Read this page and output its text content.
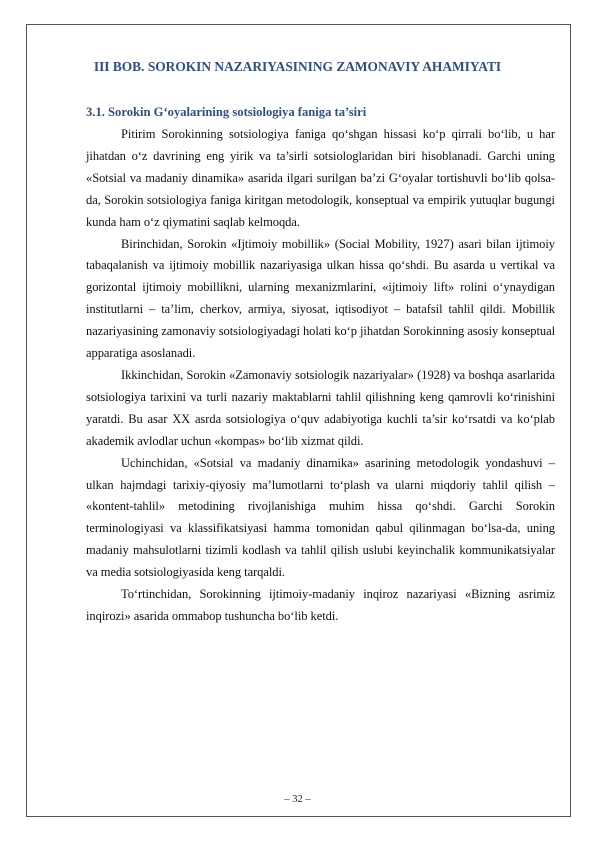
III BOB. SOROKIN NAZARIYASINING ZAMONAVIY AHAMIYATI
3.1. Sorokin G‘oyalarining sotsiologiya faniga ta’siri

Pitirim Sorokinning sotsiologiya faniga qo‘shgan hissasi ko‘p qirrali bo‘lib, u har jihatdan o‘z davrining eng yirik va ta’sirli sotsiologlaridan biri hisoblanadi. Garchi uning «Sotsial va madaniy dinamika» asarida ilgari surilgan ba’zi G‘oyalar tortishuvli bo‘lib qolsa-da, Sorokin sotsiologiya faniga kiritgan metodologik, konseptual va empirik yutuqlar bugungi kunda ham o‘z qiymatini saqlab kelmoqda.

Birinchidan, Sorokin «Ijtimoiy mobillik» (Social Mobility, 1927) asari bilan ijtimoiy tabaqalanish va ijtimoiy mobillik nazariyasiga ulkan hissa qo‘shdi. Bu asarda u vertikal va gorizontal ijtimoiy mobillikni, ularning mexanizmlarini, «ijtimoiy lift» rolini o‘ynaydigan institutlarni – ta’lim, cherkov, armiya, siyosat, iqtisodiyot – batafsil tahlil qildi. Mobillik nazariyasining zamonaviy sotsiologiyadagi holati ko‘p jihatdan Sorokinning asosiy konseptual apparatiga asoslanadi.

Ikkinchidan, Sorokin «Zamonaviy sotsiologik nazariyalar» (1928) va boshqa asarlarida sotsiologiya tarixini va turli nazariy maktablarni tahlil qilishning keng qamrovli ko‘rinishini yaratdi. Bu asar XX asrda sotsiologiya o‘quv adabiyotiga kuchli ta’sir ko‘rsatdi va ko‘plab akademik avlodlar uchun «kompas» bo‘lib xizmat qildi.

Uchinchidan, «Sotsial va madaniy dinamika» asarining metodologik yondashuvi – ulkan hajmdagi tarixiy-qiyosiy ma’lumotlarni to‘plash va ularni miqdoriy tahlil qilish – «kontent-tahlil» metodining rivojlanishiga muhim hissa qo‘shdi. Garchi Sorokin terminologiyasi va klassifikatsiyasi hamma tomonidan qabul qilinmagan bo‘lsa-da, uning madaniy mahsulotlarni tizimli kodlash va tahlil qilish uslubi keyinchalik kommunikatsiyalar va media sotsiologiyasida keng tarqaldi.

To‘rtinchidan, Sorokinning ijtimoiy-madaniy inqiroz nazariyasi «Bizning asrimiz inqirozi» asarida ommabop tushuncha bo‘lib ketdi.

– 32 –
